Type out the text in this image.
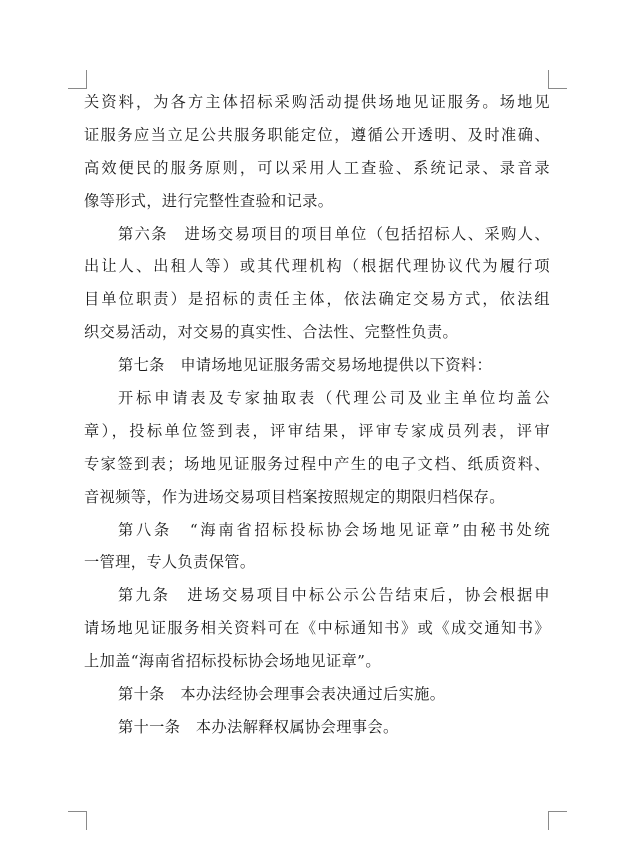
关资料，为各方主体招标采购活动提供场地见证服务。场地见
证服务应当立足公共服务职能定位，遵循公开透明、及时准确、
高效便民的服务原则，可以采用人工查验、系统记录、录音录
像等形式，进行完整性查验和记录。
第六条　进场交易项目的项目单位（包括招标人、采购人、
出让人、出租人等）或其代理机构（根据代理协议代为履行项
目单位职责）是招标的责任主体，依法确定交易方式，依法组
织交易活动，对交易的真实性、合法性、完整性负责。
第七条　申请场地见证服务需交易场地提供以下资料：
开标申请表及专家抽取表（代理公司及业主单位均盖公
章），投标单位签到表，评审结果，评审专家成员列表，评审
专家签到表；场地见证服务过程中产生的电子文档、纸质资料、
音视频等，作为进场交易项目档案按照规定的期限归档保存。
第八条　“海南省招标投标协会场地见证章”由秘书处统
一管理，专人负责保管。
第九条　进场交易项目中标公示公告结束后，协会根据申
请场地见证服务相关资料可在《中标通知书》或《成交通知书》
上加盖“海南省招标投标协会场地见证章”。
第十条　本办法经协会理事会表决通过后实施。
第十一条　本办法解释权属协会理事会。
